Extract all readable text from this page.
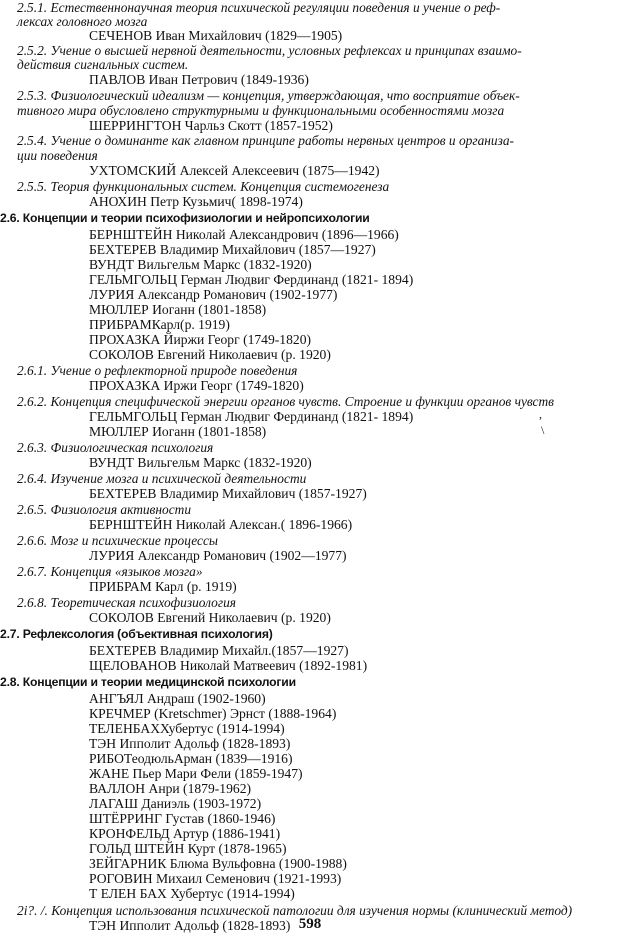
2.5.1. Естественнонаучная теория психической регуляции поведения и учение о реф-
лексах головного мозга
СЕЧЕНОВ Иван Михайлович (1829—1905)
2.5.2. Учение о высшей нервной деятельности, условных рефлексах и принципах взаимо-
действия сигнальных систем.
ПАВЛОВ Иван Петрович (1849-1936)
2.5.3. Физиологический идеализм — концепция, утверждающая, что восприятие объек-
тивного мира обусловлено структурными и функциональными особенностями мозга
ШЕРРИНГТОН Чарльз Скотт (1857-1952)
2.5.4. Учение о доминанте как главном принципе работы нервных центров и организа-
ции поведения
УХТОМСКИЙ Алексей Алексеевич (1875—1942)
2.5.5. Теория функциональных систем. Концепция системогенеза
АНОХИН Петр Кузьмич( 1898-1974)
2.6. Концепции и теории психофизиологии и нейропсихологии
БЕРНШТЕЙН Николай Александрович (1896—1966)
БЕХТЕРЕВ Владимир Михайлович (1857—1927)
ВУНДТ Вильгельм Маркс (1832-1920)
ГЕЛЬМГОЛЬЦ Герман Людвиг Фердинанд (1821- 1894)
ЛУРИЯ Александр Романович (1902-1977)
МЮЛЛЕР Иоганн (1801-1858)
ПРИБРАМКарл(р. 1919)
ПРОХАЗКА Йиржи Георг (1749-1820)
СОКОЛОВ Евгений Николаевич (р. 1920)
2.6.1. Учение о рефлекторной природе поведения
ПРОХАЗКА Иржи Георг (1749-1820)
2.6.2. Концепция специфической энергии органов чувств. Строение и функции органов чувств
ГЕЛЬМГОЛЬЦ Герман Людвиг Фердинанд (1821- 1894)
МЮЛЛЕР Иоганн (1801-1858)
2.6.3. Физиологическая психология
ВУНДТ Вильгельм Маркс (1832-1920)
2.6.4. Изучение мозга и психической деятельности
БЕХТЕРЕВ Владимир Михайлович (1857-1927)
2.6.5. Физиология активности
БЕРНШТЕЙН Николай Алексан.( 1896-1966)
2.6.6. Мозг и психические процессы
ЛУРИЯ Александр Романович (1902—1977)
2.6.7. Концепция «языков мозга»
ПРИБРАМ Карл (р. 1919)
2.6.8. Теоретическая психофизиология
СОКОЛОВ Евгений Николаевич (р. 1920)
2.7. Рефлексология (объективная психология)
БЕХТЕРЕВ Владимир Михайл.(1857—1927)
ЩЕЛОВАНОВ Николай Матвеевич (1892-1981)
2.8. Концепции и теории медицинской психологии
АНГЪЯЛ Андраш (1902-1960)
КРЕЧМЕР (Kretschmer) Эрнст (1888-1964)
ТЕЛЕНБАХХубертус (1914-1994)
ТЭН Ипполит Адольф (1828-1893)
РИБОТеодюльАрман (1839—1916)
ЖАНЕ Пьер Мари Фели (1859-1947)
ВАЛЛОН Анри (1879-1962)
ЛАГАШ Даниэль (1903-1972)
ШТЁРРИНГ Густав (1860-1946)
КРОНФЕЛЬД Артур (1886-1941)
ГОЛЬД ШТЕЙН Курт (1878-1965)
ЗЕЙГАРНИК Блюма Вульфовна (1900-1988)
РОГОВИН Михаил Семенович (1921-1993)
Т ЕЛЕН БАХ Хубертус (1914-1994)
2i?. /. Концепция использования психической патологии для изучения нормы (клинический метод)
ТЭН Ипполит Адольф (1828-1893)
,
\
598
